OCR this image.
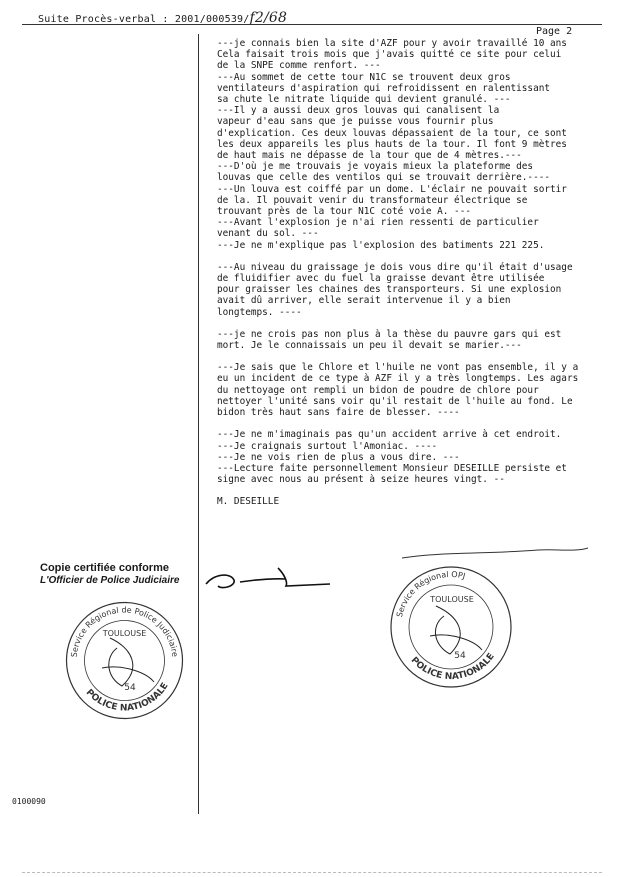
Suite Procès-verbal : 2001/000539/f2/68
Page 2

---je connais bien la site d'AZF pour y avoir travaillé 10 ans

Cela faisait trois mois que j'avais quitté ce site pour celui

de la SNPE comme renfort. ---

---Au sommet de cette tour N1C se trouvent deux gros

ventilateurs d'aspiration qui refroidissent en ralentissant

sa chute le nitrate liquide qui devient granulé. ---

---Il y a aussi deux gros louvas qui canalisent la

vapeur d'eau sans que je puisse vous fournir plus

d'explication. Ces deux louvas dépassaient de la tour, ce sont

les deux appareils les plus hauts de la tour. Il font 9 mètres

de haut mais ne dépasse de la tour que de 4 mètres.---

---D'où je me trouvais je voyais mieux la plateforme des

louvas que celle des ventilos qui se trouvait derrière.----

---Un louva est coiffé par un dome. L'éclair ne pouvait sortir

de la. Il pouvait venir du transformateur électrique se

trouvant près de la tour N1C coté voie A. ---

---Avant l'explosion je n'ai rien ressenti de particulier

venant du sol. ---

---Je ne m'explique pas l'explosion des batiments 221 225.

---Au niveau du graissage je dois vous dire qu'il était d'usage

de fluidifier avec du fuel la graisse devant être utilisée

pour graisser les chaines des transporteurs. Si une explosion

avait dû arriver, elle serait intervenue il y a bien

longtemps. ----

---je ne crois pas non plus à la thèse du pauvre gars qui est

mort. Je le connaissais un peu il devait se marier.---

---Je sais que le Chlore et l'huile ne vont pas ensemble, il y a

eu un incident de ce type à AZF il y a très longtemps. Les agars

du nettoyage ont rempli un bidon de poudre de chlore pour

nettoyer l'unité sans voir qu'il restait de l'huile au fond. Le

bidon très haut sans faire de blesser. ----

---Je ne m'imaginais pas qu'un accident arrive à cet endroit.

---Je craignais surtout l'Amoniac. ----

---Je ne vois rien de plus a vous dire. ---

---Lecture faite personnellement Monsieur DESEILLE persiste et

signe avec nous au présent à seize heures vingt. --

M. DESEILLE

Copie certifiée conforme
L'Officier de Police Judiciaire
Service Régional de Police Judiciaire
POLICE NATIONALE
TOULOUSE
54
Service Régional OPJ
POLICE NATIONALE
TOULOUSE
54
0100090
